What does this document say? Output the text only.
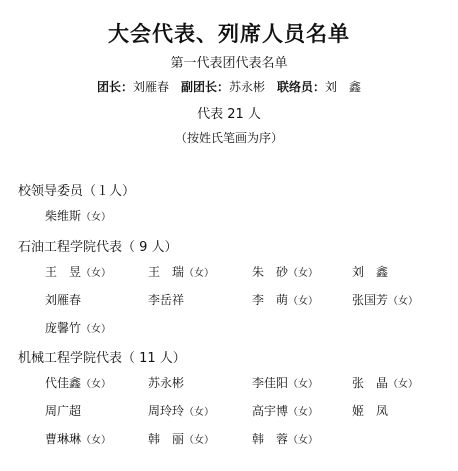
大会代表、列席人员名单
第一代表团代表名单
团长：刘雁春 副团长：苏永彬 联络员：刘　鑫
代表 21 人
（按姓氏笔画为序）
校领导委员（１人）
柴维斯（女）
石油工程学院代表（ 9 人）
王　昱（女）	王　瑞（女）	朱　砂（女）	刘　鑫
刘雁春	李岳祥	李　萌（女）	张国芳（女）
庞馨竹（女）
机械工程学院代表（ 11 人）
代佳鑫（女）	苏永彬	李佳阳（女）	张　晶（女）
周广超	周玲玲（女）	高宇博（女）	姬　凤
曹琳琳（女）	韩　丽（女）	韩　蓉（女）
